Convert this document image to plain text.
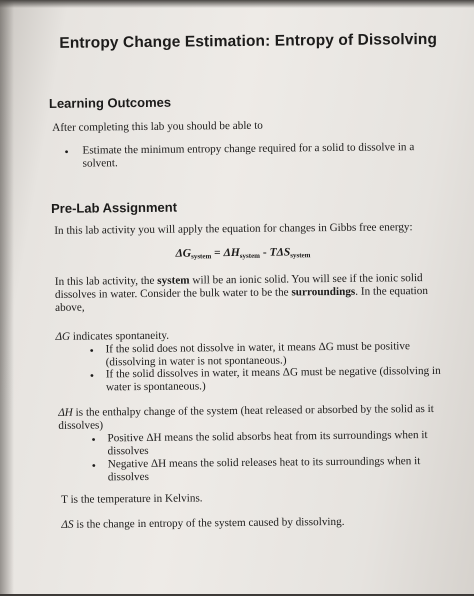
Entropy Change Estimation: Entropy of Dissolving
Learning Outcomes
After completing this lab you should be able to
• Estimate the minimum entropy change required for a solid to dissolve in a
solvent.
Pre-Lab Assignment
In this lab activity you will apply the equation for changes in Gibbs free energy:
$\Delta G_{system} = \Delta H_{system} - T\Delta S_{system}$
In this lab activity, the system will be an ionic solid. You will see if the ionic solid
dissolves in water. Consider the bulk water to be the surroundings. In the equation
above,
ΔG indicates spontaneity.
• If the solid does not dissolve in water, it means ΔG must be positive
(dissolving in water is not spontaneous.)
• If the solid dissolves in water, it means ΔG must be negative (dissolving in
water is spontaneous.)
ΔH is the enthalpy change of the system (heat released or absorbed by the solid as it
dissolves)
• Positive ΔH means the solid absorbs heat from its surroundings when it
dissolves
• Negative ΔH means the solid releases heat to its surroundings when it
dissolves
T is the temperature in Kelvins.
ΔS is the change in entropy of the system caused by dissolving.
